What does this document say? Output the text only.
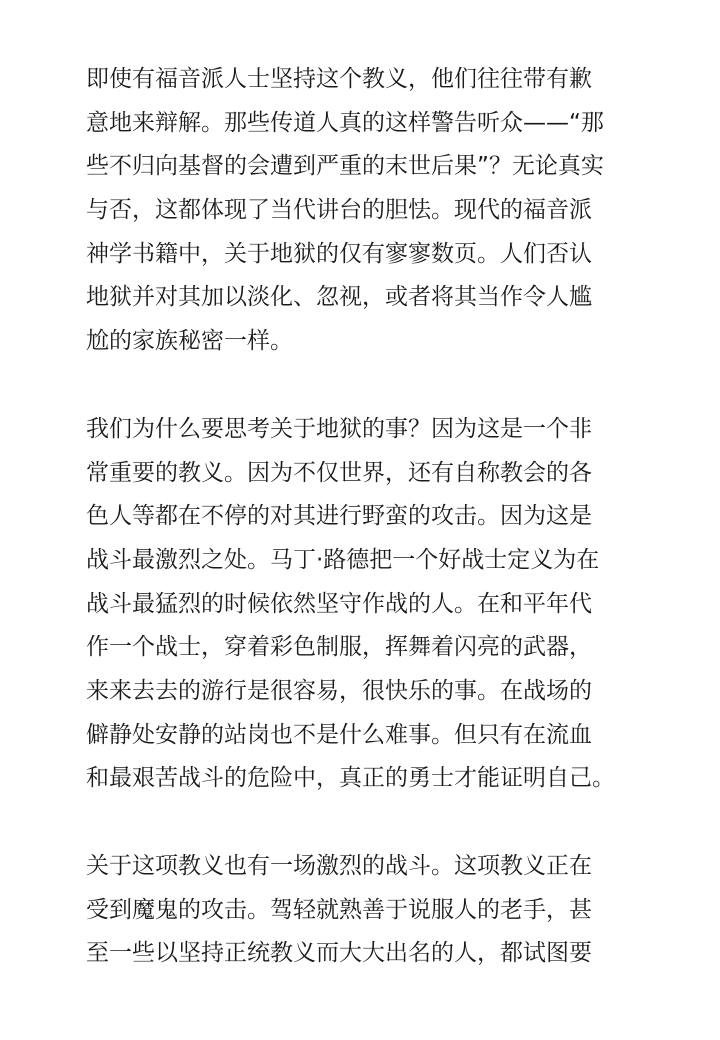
即使有福音派人士坚持这个教义，他们往往带有歉
意地来辩解。那些传道人真的这样警告听众——“那
些不归向基督的会遭到严重的末世后果”？无论真实
与否，这都体现了当代讲台的胆怯。现代的福音派
神学书籍中，关于地狱的仅有寥寥数页。人们否认
地狱并对其加以淡化、忽视，或者将其当作令人尴
尬的家族秘密一样。
我们为什么要思考关于地狱的事？因为这是一个非
常重要的教义。因为不仅世界，还有自称教会的各
色人等都在不停的对其进行野蛮的攻击。因为这是
战斗最激烈之处。马丁·路德把一个好战士定义为在
战斗最猛烈的时候依然坚守作战的人。在和平年代
作一个战士，穿着彩色制服，挥舞着闪亮的武器，
来来去去的游行是很容易，很快乐的事。在战场的
僻静处安静的站岗也不是什么难事。但只有在流血
和最艰苦战斗的危险中，真正的勇士才能证明自己。
关于这项教义也有一场激烈的战斗。这项教义正在
受到魔鬼的攻击。驾轻就熟善于说服人的老手，甚
至一些以坚持正统教义而大大出名的人，都试图要
